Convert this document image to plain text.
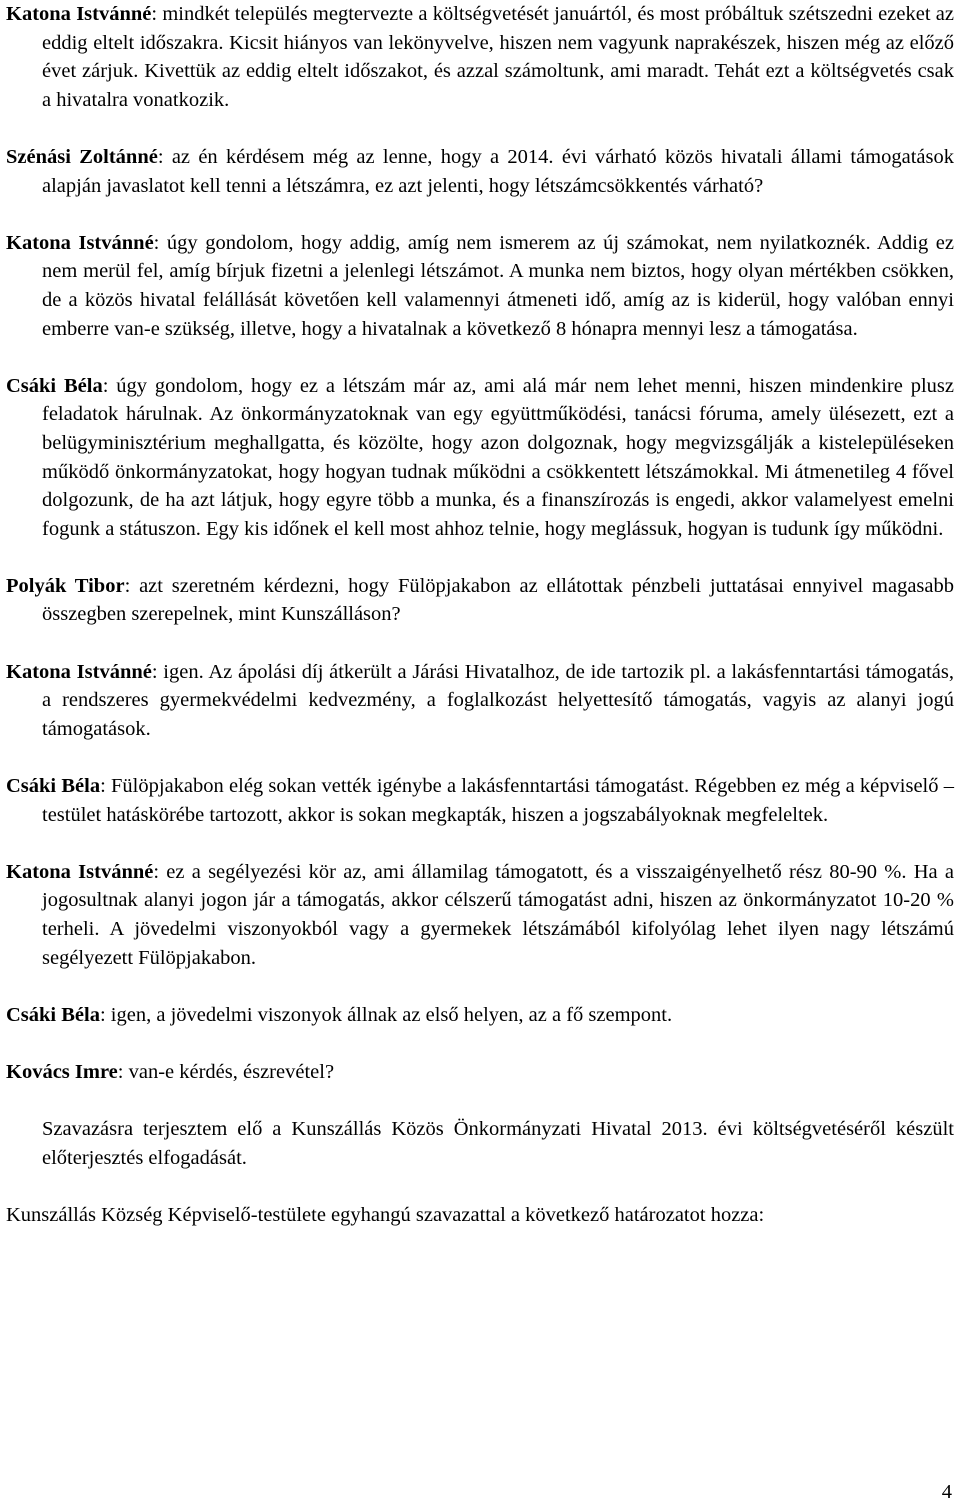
Katona Istvánné: mindkét település megtervezte a költségvetését januártól, és most próbáltuk szétszedni ezeket az eddig eltelt időszakra. Kicsit hiányos van lekönyvelve, hiszen nem vagyunk naprakészek, hiszen még az előző évet zárjuk. Kivettük az eddig eltelt időszakot, és azzal számoltunk, ami maradt. Tehát ezt a költségvetés csak a hivatalra vonatkozik.

Szénási Zoltánné: az én kérdésem még az lenne, hogy a 2014. évi várható közös hivatali állami támogatások alapján javaslatot kell tenni a létszámra, ez azt jelenti, hogy létszámcsökkentés várható?

Katona Istvánné: úgy gondolom, hogy addig, amíg nem ismerem az új számokat, nem nyilatkoznék. Addig ez nem merül fel, amíg bírjuk fizetni a jelenlegi létszámot. A munka nem biztos, hogy olyan mértékben csökken, de a közös hivatal felállását követően kell valamennyi átmeneti idő, amíg az is kiderül, hogy valóban ennyi emberre van-e szükség, illetve, hogy a hivatalnak a következő 8 hónapra mennyi lesz a támogatása.

Csáki Béla: úgy gondolom, hogy ez a létszám már az, ami alá már nem lehet menni, hiszen mindenkire plusz feladatok hárulnak. Az önkormányzatoknak van egy együttműködési, tanácsi fóruma, amely ülésezett, ezt a belügyminisztérium meghallgatta, és közölte, hogy azon dolgoznak, hogy megvizsgálják a kistelepüléseken működő önkormányzatokat, hogy hogyan tudnak működni a csökkentett létszámokkal. Mi átmenetileg 4 fővel dolgozunk, de ha azt látjuk, hogy egyre több a munka, és a finanszírozás is engedi, akkor valamelyest emelni fogunk a státuszon. Egy kis időnek el kell most ahhoz telnie, hogy meglássuk, hogyan is tudunk így működni.

Polyák Tibor: azt szeretném kérdezni, hogy Fülöpjakabon az ellátottak pénzbeli juttatásai ennyivel magasabb összegben szerepelnek, mint Kunszálláson?

Katona Istvánné: igen. Az ápolási díj átkerült a Járási Hivatalhoz, de ide tartozik pl. a lakásfenntartási támogatás, a rendszeres gyermekvédelmi kedvezmény, a foglalkozást helyettesítő támogatás, vagyis az alanyi jogú támogatások.

Csáki Béla: Fülöpjakabon elég sokan vették igénybe a lakásfenntartási támogatást. Régebben ez még a képviselő – testület hatáskörébe tartozott, akkor is sokan megkapták, hiszen a jogszabályoknak megfeleltek.

Katona Istvánné: ez a segélyezési kör az, ami államilag támogatott, és a visszaigényelhető rész 80-90 %. Ha a jogosultnak alanyi jogon jár a támogatás, akkor célszerű támogatást adni, hiszen az önkormányzatot 10-20 % terheli. A jövedelmi viszonyokból vagy a gyermekek létszámából kifolyólag lehet ilyen nagy létszámú segélyezett Fülöpjakabon.

Csáki Béla: igen, a jövedelmi viszonyok állnak az első helyen, az a fő szempont.

Kovács Imre: van-e kérdés, észrevétel?

Szavazásra terjesztem elő a Kunszállás Közös Önkormányzati Hivatal 2013. évi költségvetéséről készült előterjesztés elfogadását.

Kunszállás Község Képviselő-testülete egyhangú szavazattal a következő határozatot hozza:

4
